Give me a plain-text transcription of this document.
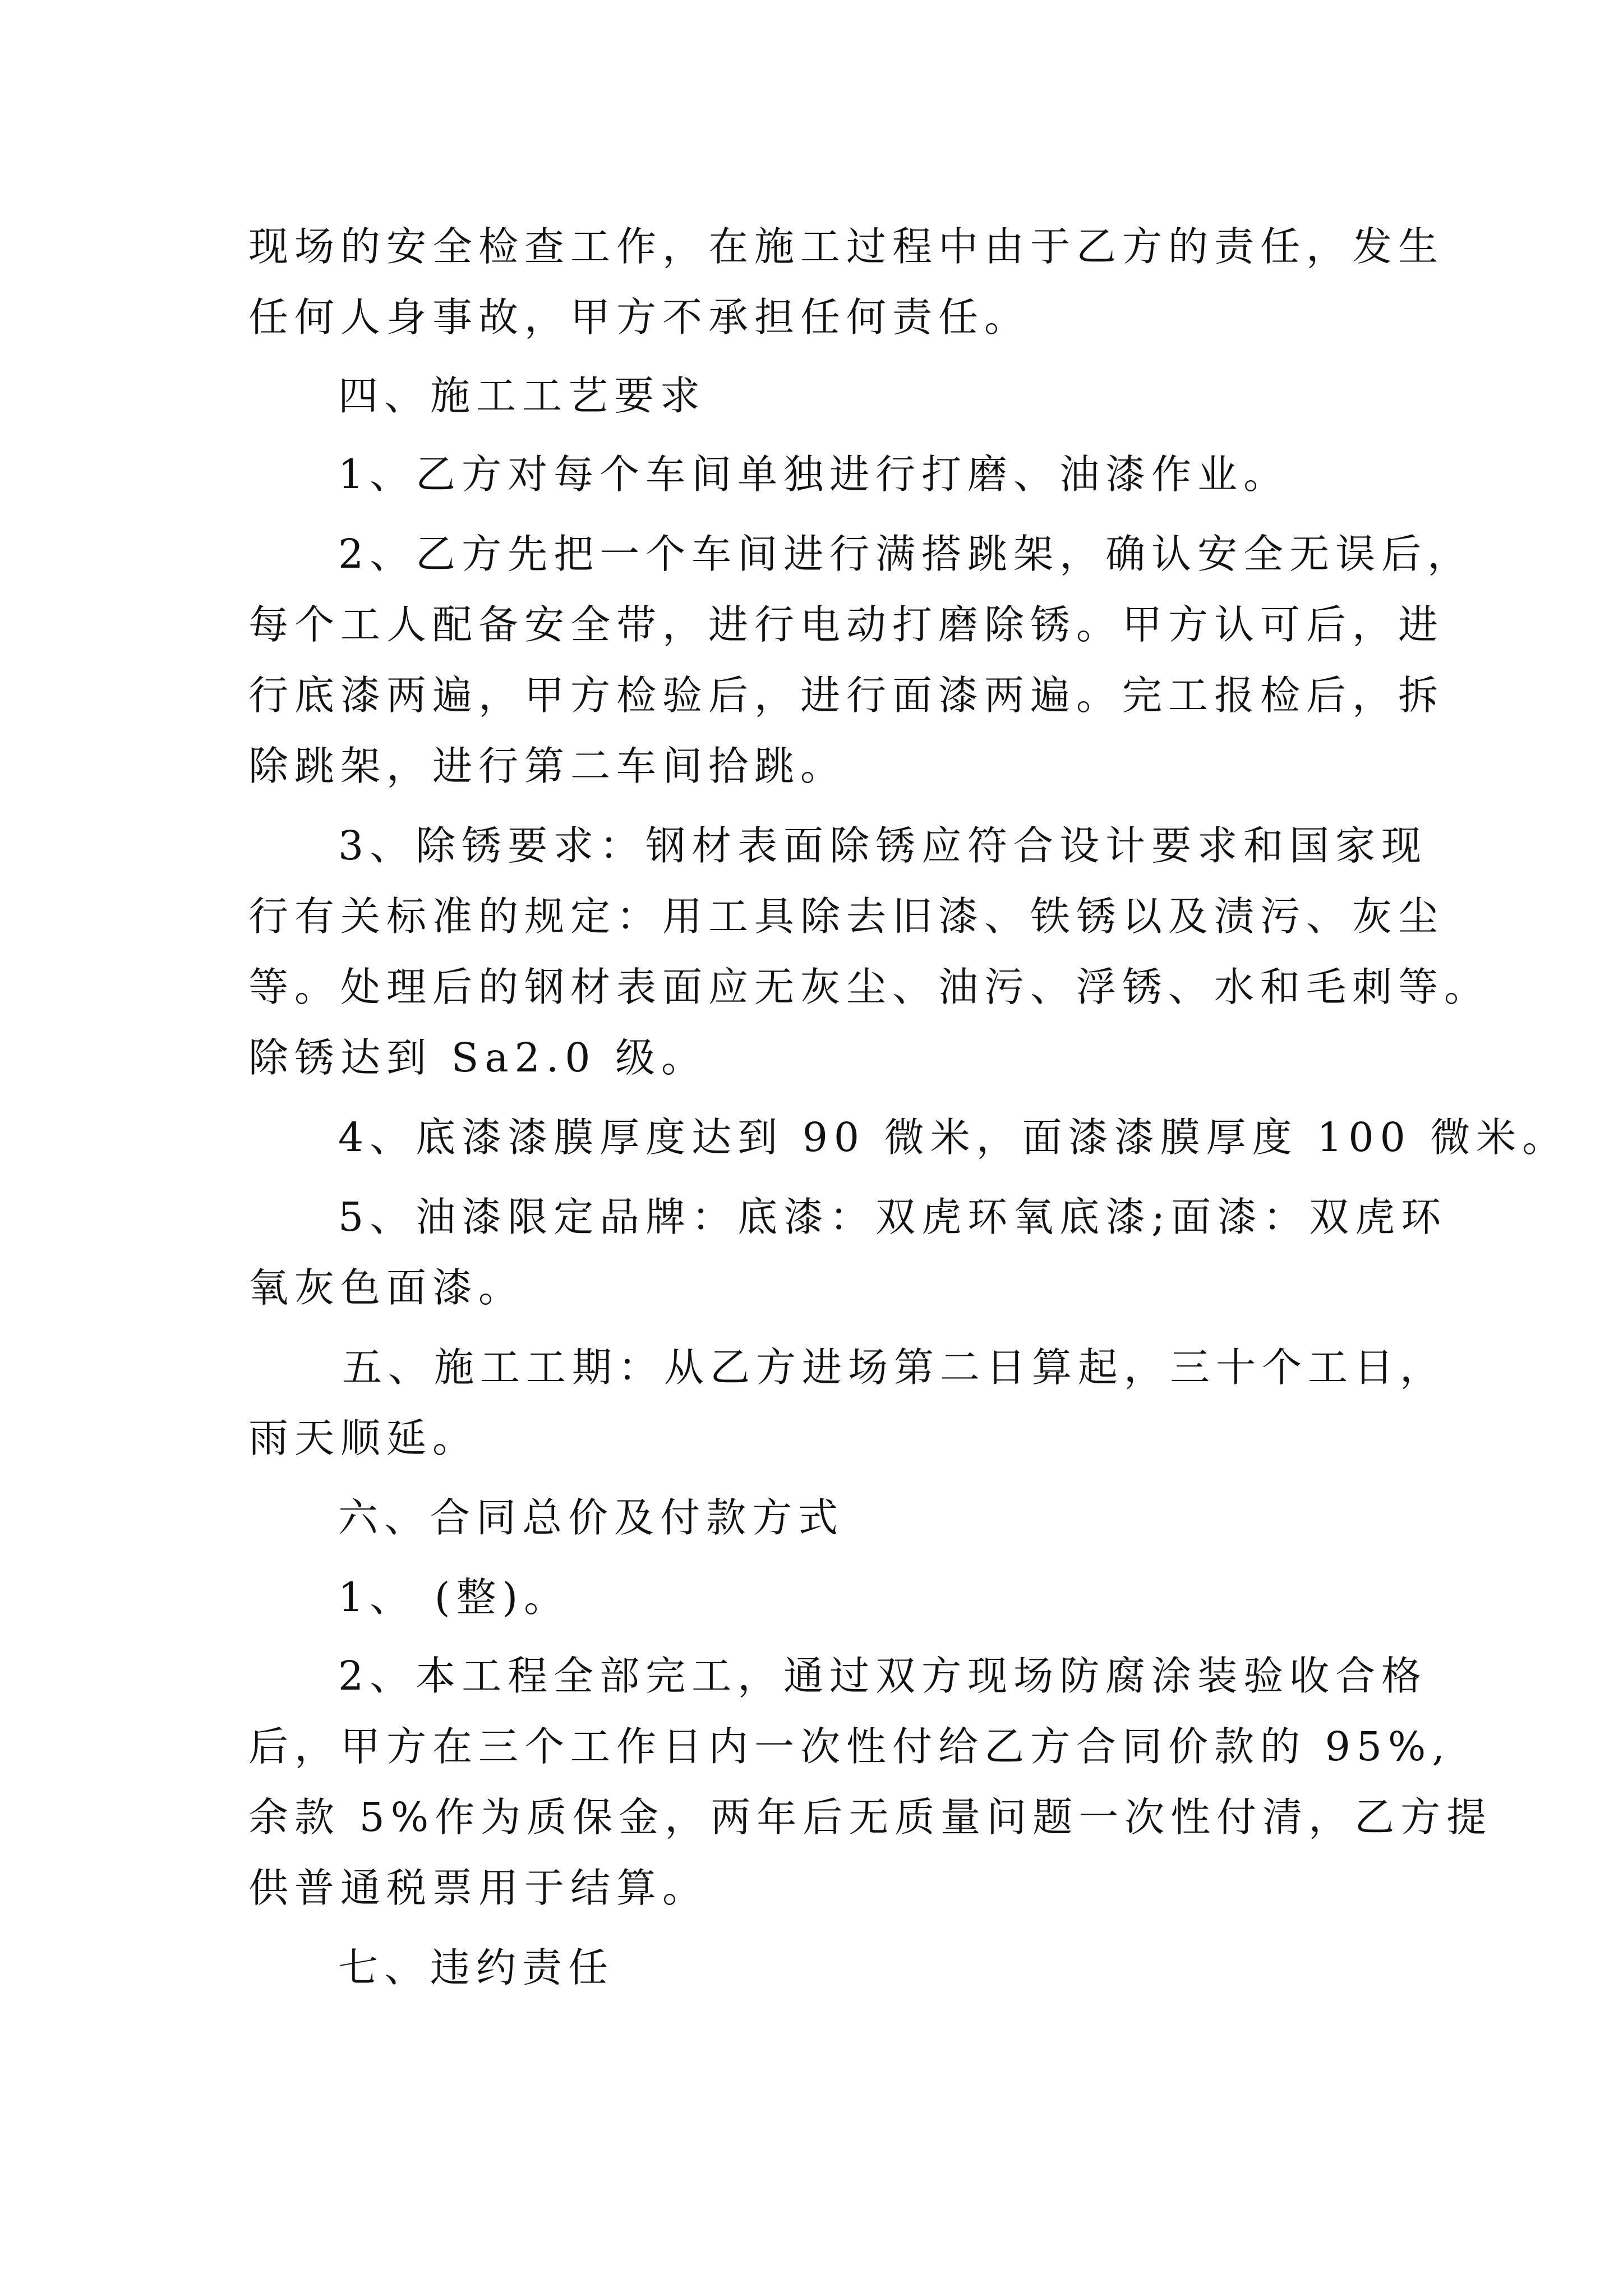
现场的安全检查工作，在施工过程中由于乙方的责任，发生
任何人身事故，甲方不承担任何责任。
四、施工工艺要求
1、乙方对每个车间单独进行打磨、油漆作业。
2、乙方先把一个车间进行满搭跳架，确认安全无误后，
每个工人配备安全带，进行电动打磨除锈。甲方认可后，进
行底漆两遍，甲方检验后，进行面漆两遍。完工报检后，拆
除跳架，进行第二车间拾跳。
3、除锈要求：钢材表面除锈应符合设计要求和国家现
行有关标准的规定：用工具除去旧漆、铁锈以及渍污、灰尘
等。处理后的钢材表面应无灰尘、油污、浮锈、水和毛刺等。
除锈达到 Sa2.0 级。
4、底漆漆膜厚度达到 90 微米，面漆漆膜厚度 100 微米。
5、油漆限定品牌：底漆：双虎环氧底漆;面漆：双虎环
氧灰色面漆。
五、施工工期：从乙方进场第二日算起，三十个工日，
雨天顺延。
六、合同总价及付款方式
1、 (整)。
2、本工程全部完工，通过双方现场防腐涂装验收合格
后，甲方在三个工作日内一次性付给乙方合同价款的 95%,
余款 5%作为质保金，两年后无质量问题一次性付清，乙方提
供普通税票用于结算。
七、违约责任
